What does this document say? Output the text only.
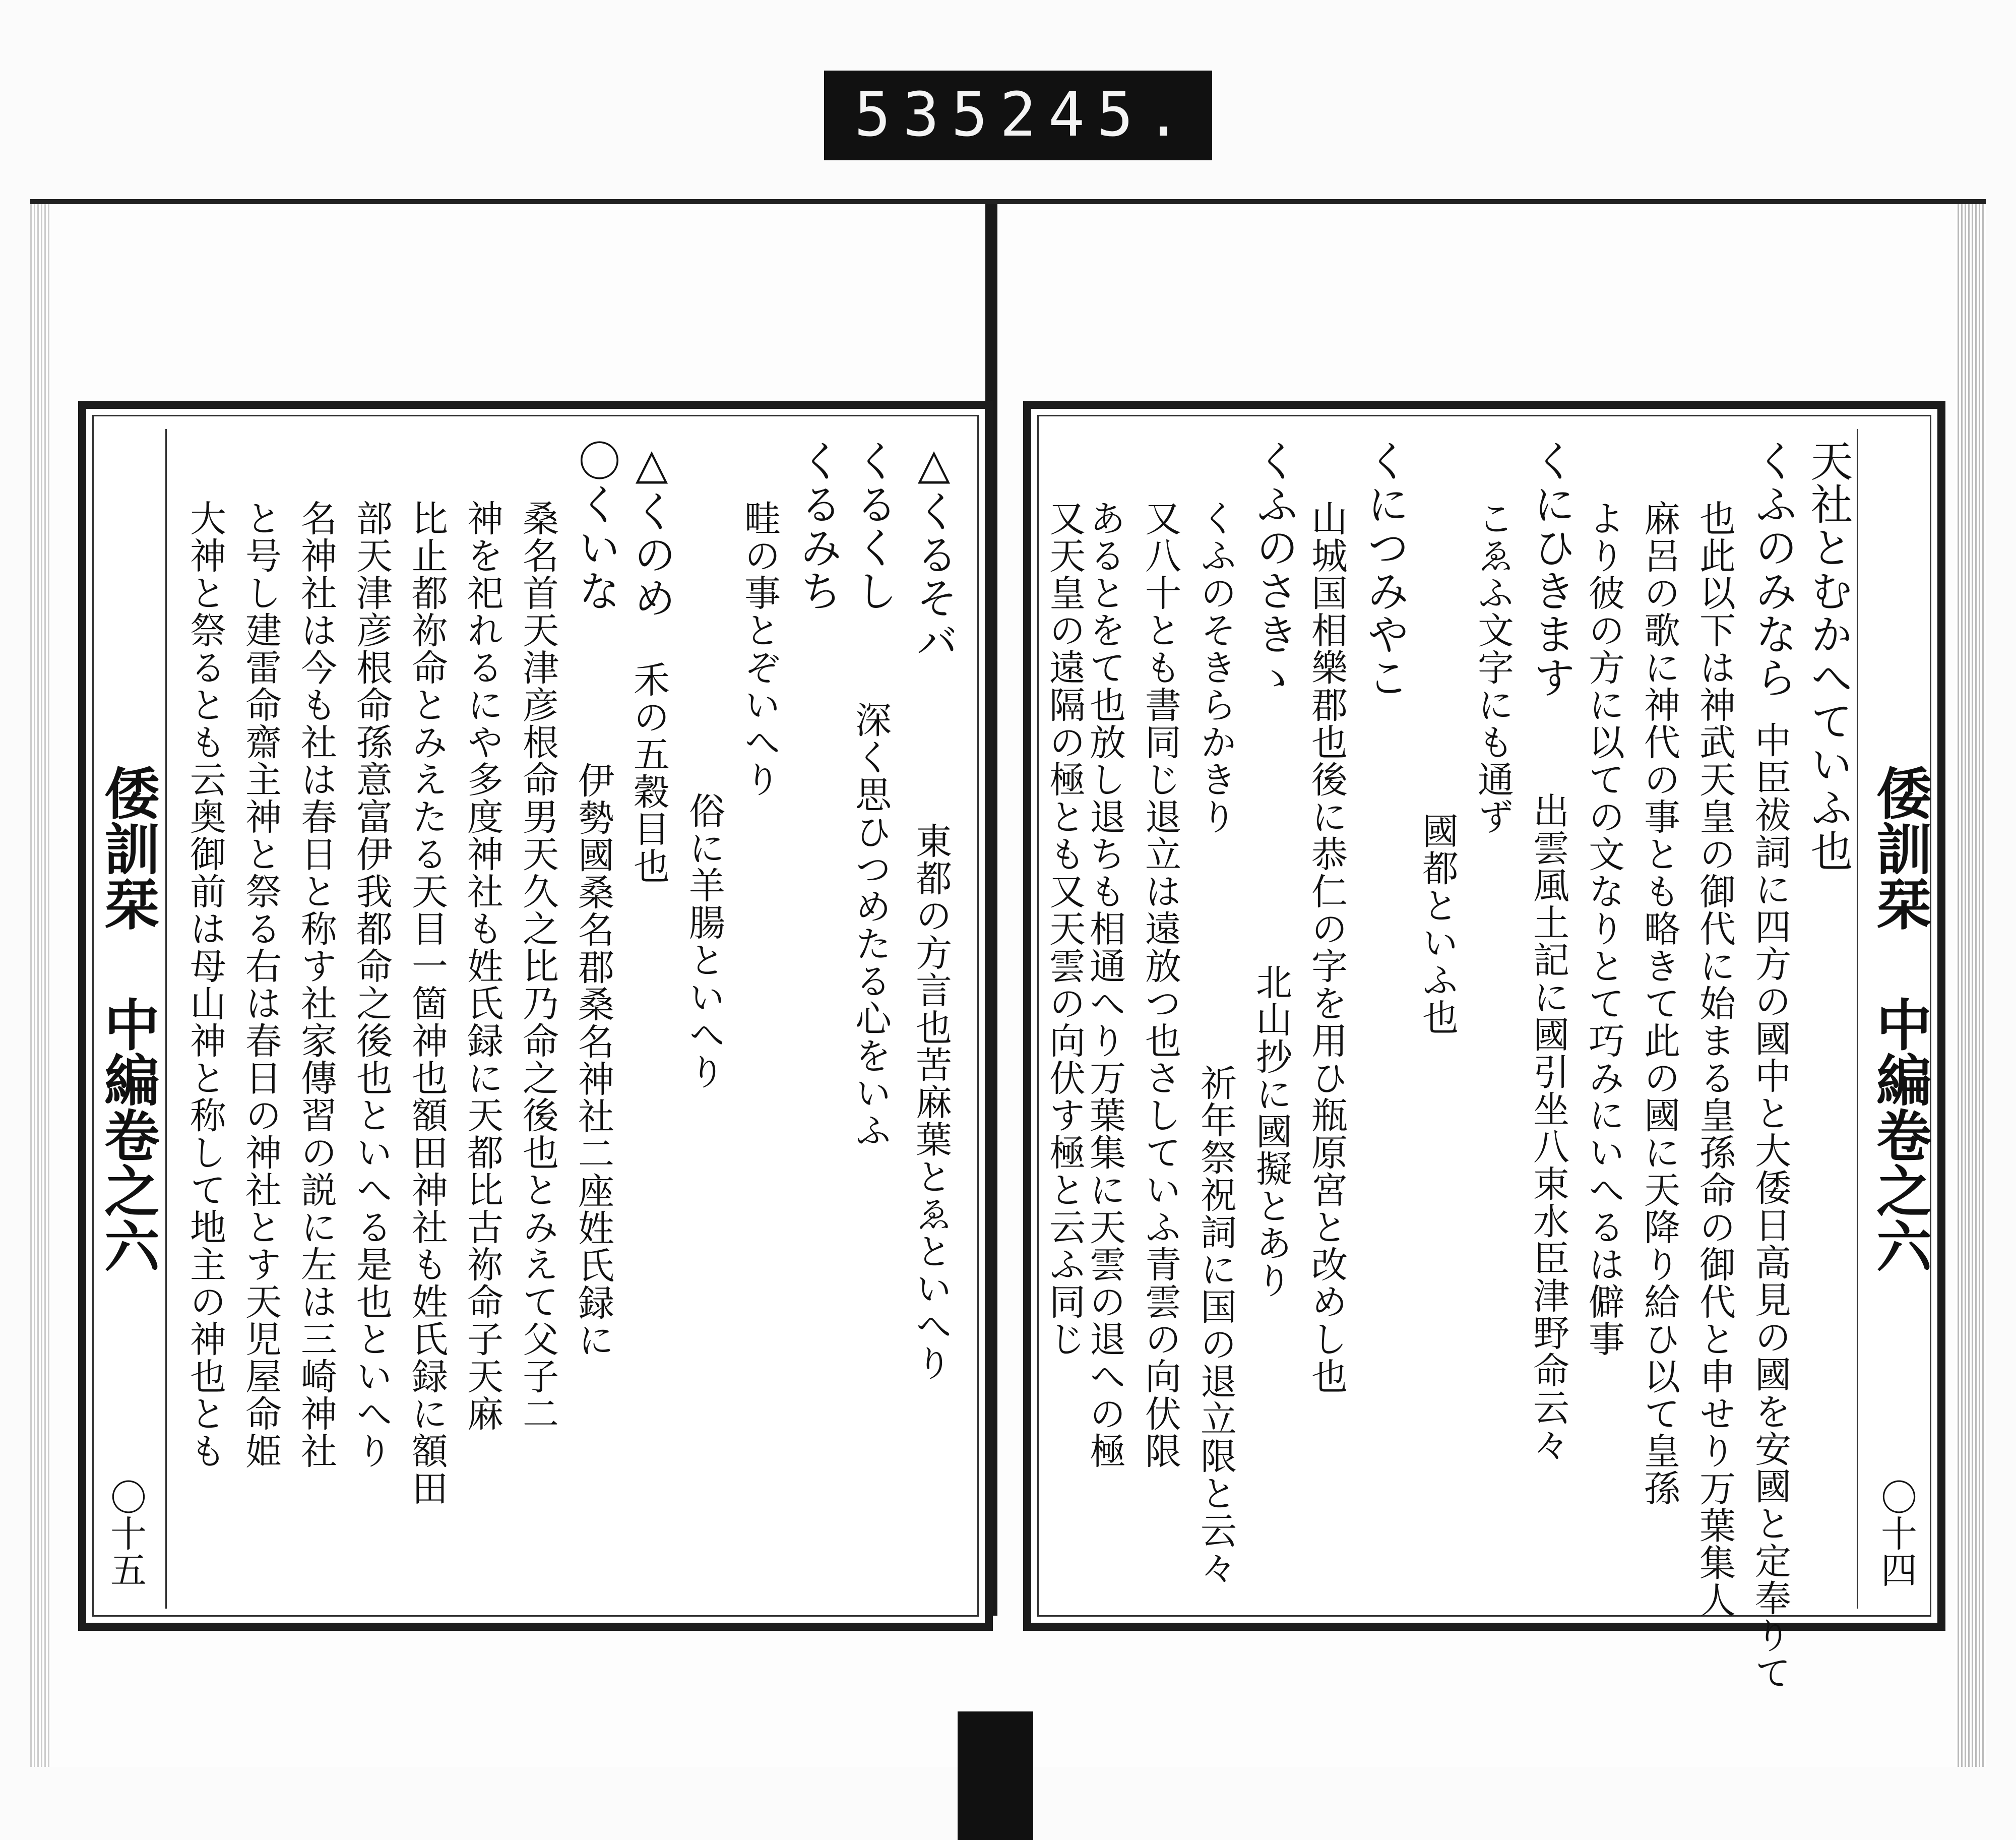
535 245.
倭訓栞 中編卷之六
〇十五
△くるそバ
東都の方言也苦麻葉とゑといへり
くるくし
深く思ひつめたる心をいふ
くるみち
畦の事とぞいへり
俗に羊腸といへり
△くのめ
禾の五穀目也
〇くいな
伊勢國桑名郡桑名神社二座姓氏録に
桑名首天津彦根命男天久之比乃命之後也とみえて父子二
神を祀れるにや多度神社も姓氏録に天都比古祢命子天麻
比止都祢命とみえたる天目一箇神也額田神社も姓氏録に額田
部天津彦根命孫意富伊我都命之後也といへる是也といへり
名神社は今も社は春日と称す社家傳習の説に左は三崎神社
と号し建雷命齋主神と祭る右は春日の神社とす天児屋命姫
大神と祭るとも云奥御前は母山神と称して地主の神也とも	倭訓栞 中編卷之六
〇十四
天社とむかへていふ也
くふのみなら
中臣祓詞に四方の國中と大倭日高見の國を安國と定奉りて
也此以下は神武天皇の御代に始まる皇孫命の御代と申せり万葉集人
麻呂の歌に神代の事とも略きて此の國に天降り給ひ以て皇孫
より彼の方に以ての文なりとて巧みにいへるは僻事
くにひきます
出雲風土記に國引坐八束水臣津野命云々
こゑふ文字にも通ず
國都といふ也
くにつみやこ
山城国相樂郡也後に恭仁の字を用ひ瓶原宮と改めし也
北山抄に國擬とあり
くふのさきゝ
祈年祭祝詞に国の退立限と云々
くふのそきらかきり
又八十とも書同じ退立は遠放つ也さしていふ青雲の向伏限
あるとをて也放し退ちも相通へり万葉集に天雲の退への極
又天皇の遠隔の極とも又天雲の向伏す極と云ふ同じ
